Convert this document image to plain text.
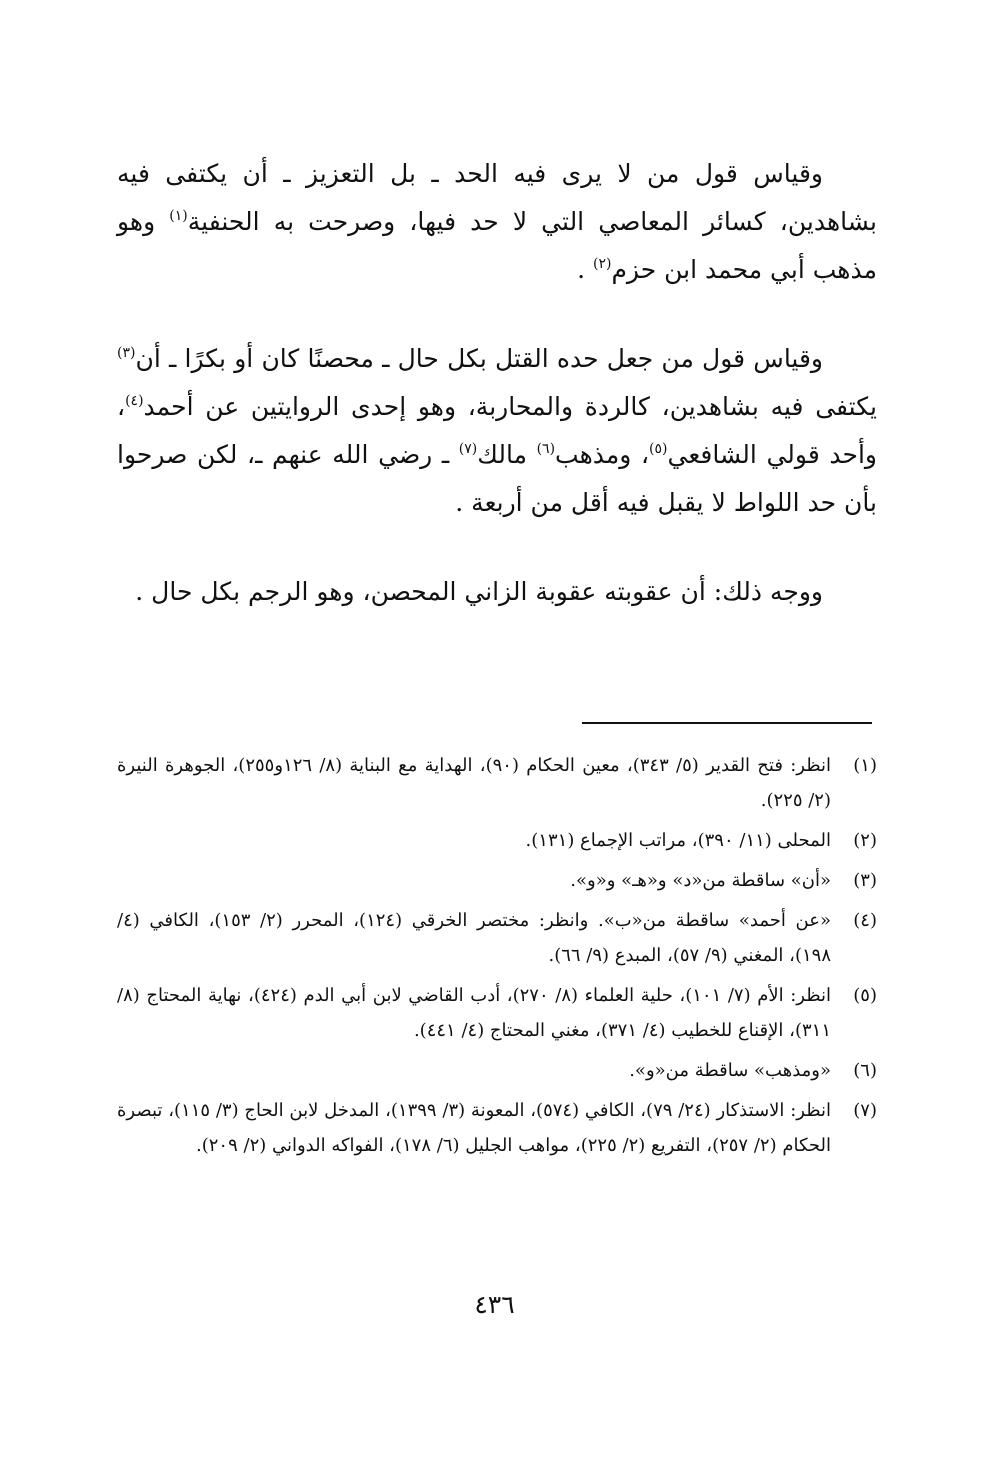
وقياس قول من لا يرى فيه الحد ـ بل التعزيز ـ أن يكتفى فيه بشاهدين، كسائر المعاصي التي لا حد فيها، وصرحت به الحنفية$^{(١)}$ وهو مذهب أبي محمد ابن حزم$^{(٢)}$ .

وقياس قول من جعل حده القتل بكل حال ـ محصنًا كان أو بكرًا ـ أن$^{(٣)}$ يكتفى فيه بشاهدين، كالردة والمحاربة، وهو إحدى الروايتين عن أحمد$^{(٤)}$، وأحد قولي الشافعي$^{(٥)}$، ومذهب$^{(٦)}$ مالك$^{(٧)}$ ـ رضي الله عنهم ـ، لكن صرحوا بأن حد اللواط لا يقبل فيه أقل من أربعة .

ووجه ذلك: أن عقوبته عقوبة الزاني المحصن، وهو الرجم بكل حال .

(١)
انظر: فتح القدير (٥/ ٣٤٣)، معين الحكام (٩٠)، الهداية مع البناية (٨/ ١٢٦و٢٥٥)، الجوهرة النيرة (٢/ ٢٢٥).
(٢)
المحلى (١١/ ٣٩٠)، مراتب الإجماع (١٣١).
(٣)
«أن» ساقطة من«د» و«هـ» و«و».
(٤)
«عن أحمد» ساقطة من«ب». وانظر: مختصر الخرقي (١٢٤)، المحرر (٢/ ١٥٣)، الكافي (٤/ ١٩٨)، المغني (٩/ ٥٧)، المبدع (٩/ ٦٦).
(٥)
انظر: الأم (٧/ ١٠١)، حلية العلماء (٨/ ٢٧٠)، أدب القاضي لابن أبي الدم (٤٢٤)، نهاية المحتاج (٨/ ٣١١)، الإقناع للخطيب (٤/ ٣٧١)، مغني المحتاج (٤/ ٤٤١).
(٦)
«ومذهب» ساقطة من«و».
(٧)
انظر: الاستذكار (٢٤/ ٧٩)، الكافي (٥٧٤)، المعونة (٣/ ١٣٩٩)، المدخل لابن الحاج (٣/ ١١٥)، تبصرة الحكام (٢/ ٢٥٧)، التفريع (٢/ ٢٢٥)، مواهب الجليل (٦/ ١٧٨)، الفواكه الدواني (٢/ ٢٠٩).
٤٣٦
